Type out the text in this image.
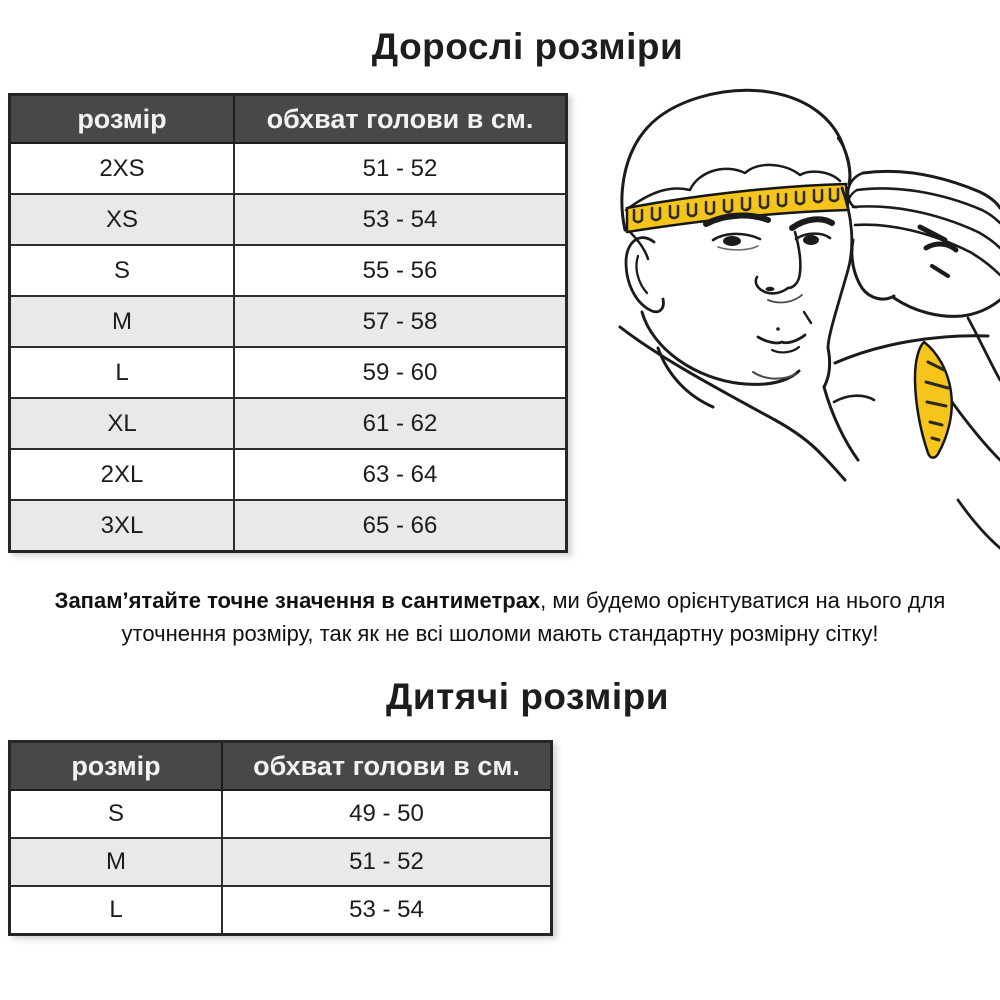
Дорослі розміри
розмір	обхват голови в см.
2XS	51 - 52
XS	53 - 54
S	55 - 56
M	57 - 58
L	59 - 60
XL	61 - 62
2XL	63 - 64
3XL	65 - 66

Запам’ятайте точне значення в сантиметрах, ми будемо орієнтуватися на нього для уточнення розміру, так як не всі шоломи мають стандартну розмірну сітку!

Дитячі розміри
розмір	обхват голови в см.
S	49 - 50
M	51 - 52
L	53 - 54
